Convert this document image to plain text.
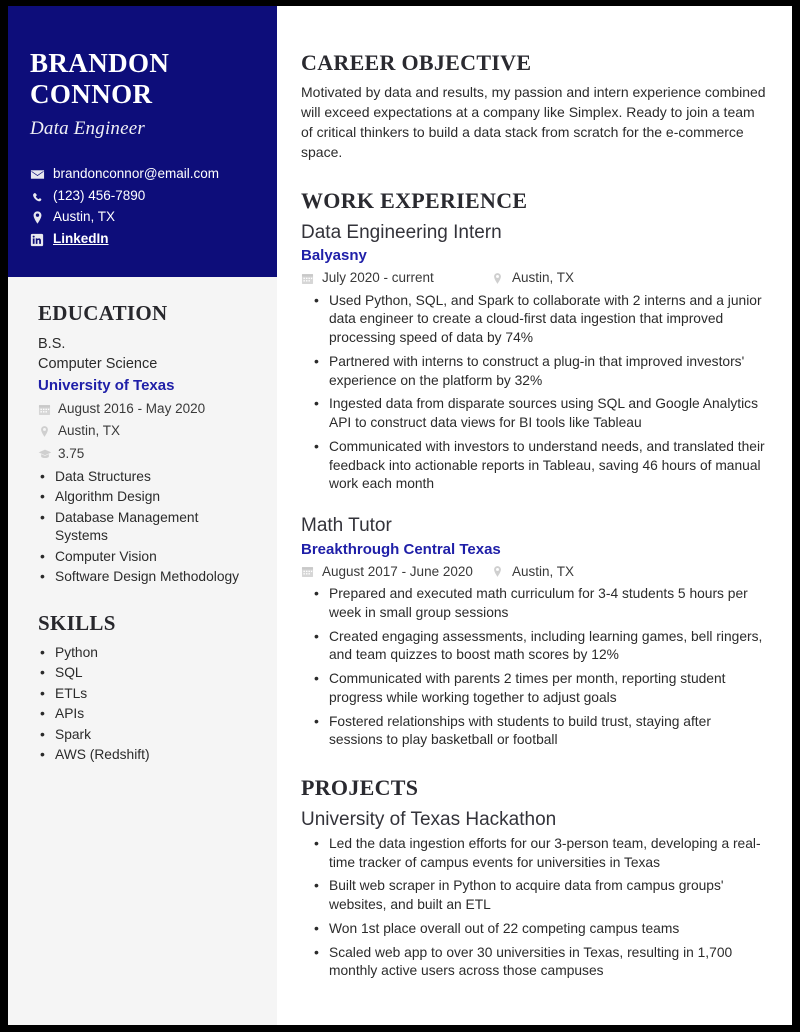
BRANDON
CONNOR
Data Engineer
brandonconnor@email.com
(123) 456-7890
Austin, TX
LinkedIn
EDUCATION
B.S.
Computer Science
University of Texas
August 2016 - May 2020
Austin, TX
3.75
• Data Structures
• Algorithm Design
• Database Management Systems
• Computer Vision
• Software Design Methodology
SKILLS
• Python
• SQL
• ETLs
• APIs
• Spark
• AWS (Redshift)
CAREER OBJECTIVE

Motivated by data and results, my passion and intern experience combined will exceed expectations at a company like Simplex. Ready to join a team of critical thinkers to build a data stack from scratch for the e-commerce space.

WORK EXPERIENCE
Data Engineering Intern
Balyasny
July 2020 - current	Austin, TX
• Used Python, SQL, and Spark to collaborate with 2 interns and a junior data engineer to create a cloud-first data ingestion that improved processing speed of data by 74%
• Partnered with interns to construct a plug-in that improved investors' experience on the platform by 32%
• Ingested data from disparate sources using SQL and Google Analytics API to construct data views for BI tools like Tableau
• Communicated with investors to understand needs, and translated their feedback into actionable reports in Tableau, saving 46 hours of manual work each month
Math Tutor
Breakthrough Central Texas
August 2017 - June 2020	Austin, TX
• Prepared and executed math curriculum for 3-4 students 5 hours per week in small group sessions
• Created engaging assessments, including learning games, bell ringers, and team quizzes to boost math scores by 12%
• Communicated with parents 2 times per month, reporting student progress while working together to adjust goals
• Fostered relationships with students to build trust, staying after sessions to play basketball or football
PROJECTS
University of Texas Hackathon
• Led the data ingestion efforts for our 3-person team, developing a real-time tracker of campus events for universities in Texas
• Built web scraper in Python to acquire data from campus groups' websites, and built an ETL
• Won 1st place overall out of 22 competing campus teams
• Scaled web app to over 30 universities in Texas, resulting in 1,700 monthly active users across those campuses
